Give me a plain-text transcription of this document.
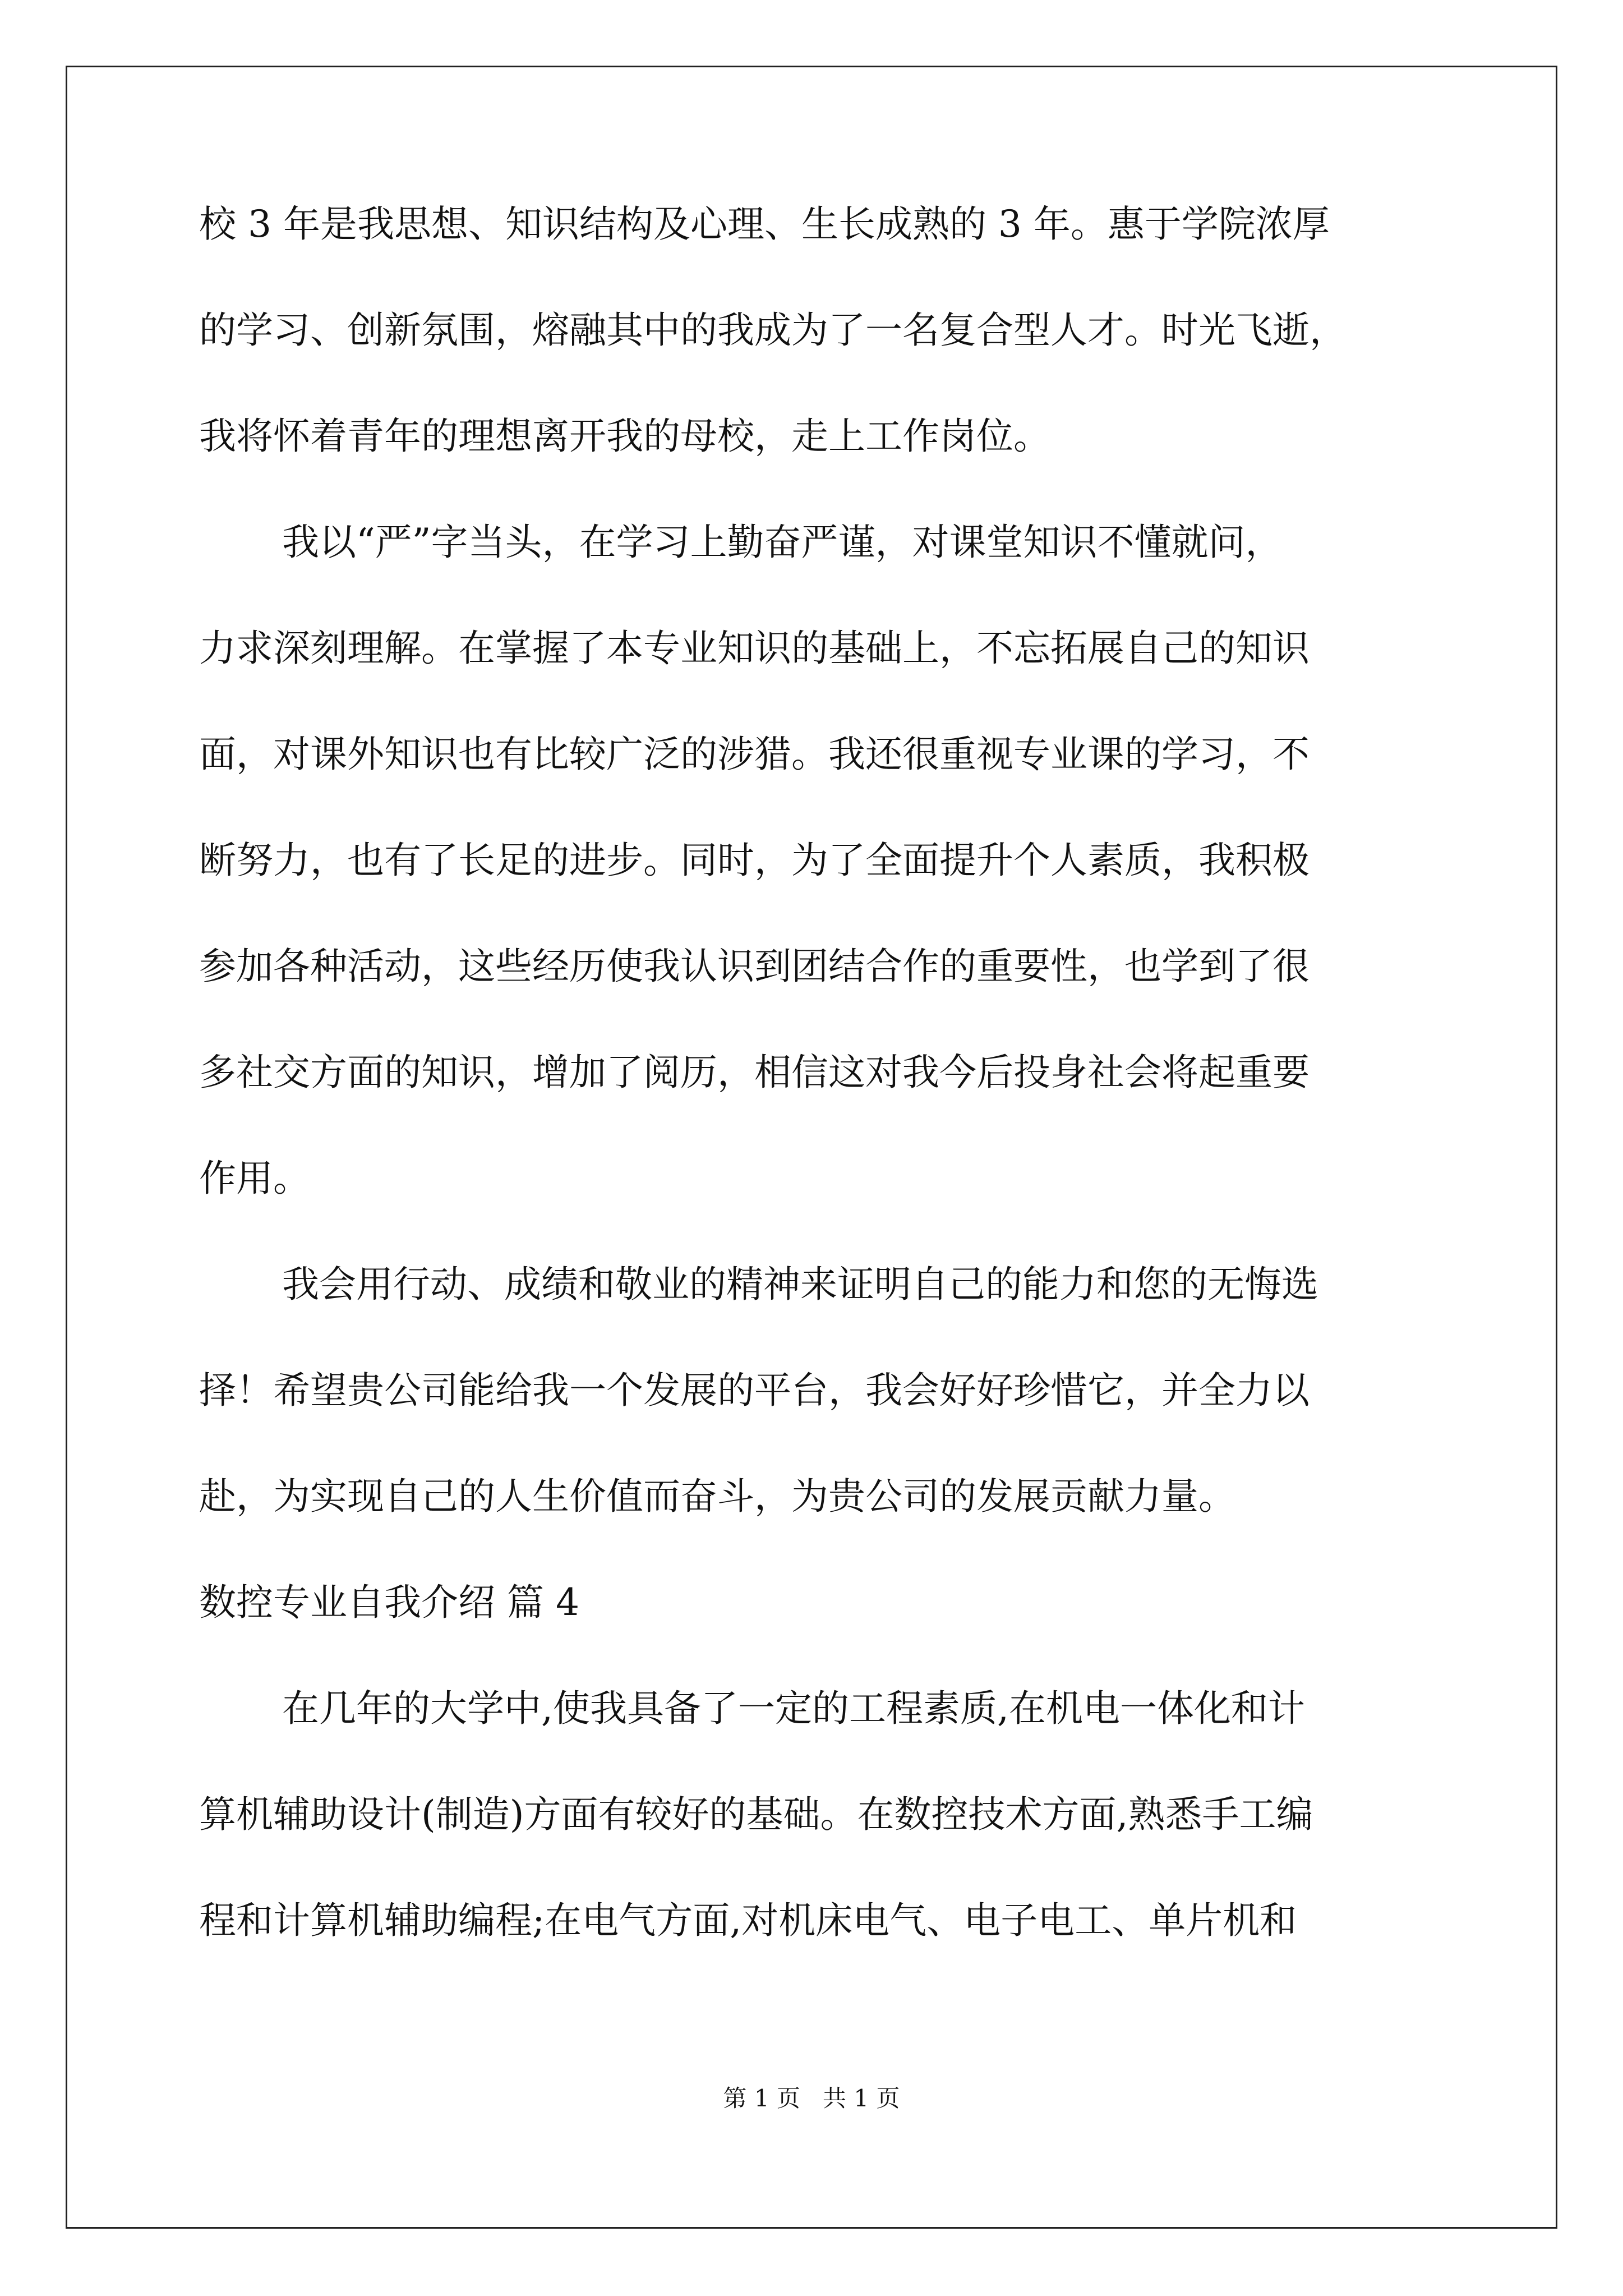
校 3 年是我思想、知识结构及心理、生长成熟的 3 年。惠于学院浓厚
的学习、创新氛围，熔融其中的我成为了一名复合型人才。时光飞逝，
我将怀着青年的理想离开我的母校，走上工作岗位。
我以“严”字当头，在学习上勤奋严谨，对课堂知识不懂就问，
力求深刻理解。在掌握了本专业知识的基础上，不忘拓展自己的知识
面，对课外知识也有比较广泛的涉猎。我还很重视专业课的学习，不
断努力，也有了长足的进步。同时，为了全面提升个人素质，我积极
参加各种活动，这些经历使我认识到团结合作的重要性，也学到了很
多社交方面的知识，增加了阅历，相信这对我今后投身社会将起重要
作用。
我会用行动、成绩和敬业的精神来证明自己的能力和您的无悔选
择！希望贵公司能给我一个发展的平台，我会好好珍惜它，并全力以
赴，为实现自己的人生价值而奋斗，为贵公司的发展贡献力量。
数控专业自我介绍 篇 4
在几年的大学中,使我具备了一定的工程素质,在机电一体化和计
算机辅助设计(制造)方面有较好的基础。在数控技术方面,熟悉手工编
程和计算机辅助编程;在电气方面,对机床电气、电子电工、单片机和
第 1 页   共 1 页
